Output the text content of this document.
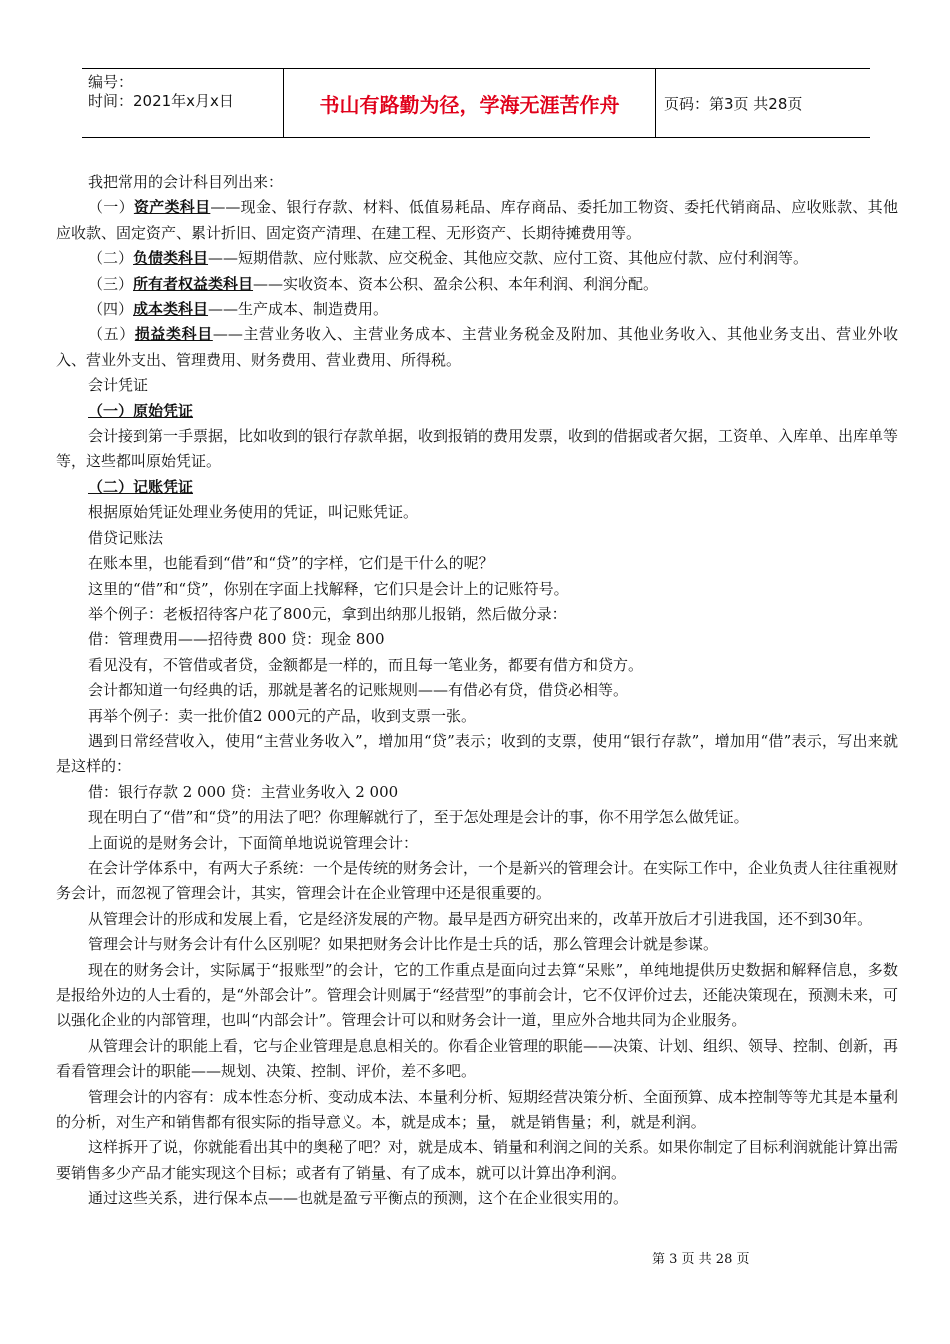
编号：
时间：2021年x月x日	书山有路勤为径，学海无涯苦作舟	页码：第3页 共28页

我把常用的会计科目列出来：

（一）资产类科目——现金、银行存款、材料、低值易耗品、库存商品、委托加工物资、委托代销商品、应收账款、其他应收款、固定资产、累计折旧、固定资产清理、在建工程、无形资产、长期待摊费用等。

（二）负债类科目——短期借款、应付账款、应交税金、其他应交款、应付工资、其他应付款、应付利润等。

（三）所有者权益类科目——实收资本、资本公积、盈余公积、本年利润、利润分配。

（四）成本类科目——生产成本、制造费用。

（五）损益类科目——主营业务收入、主营业务成本、主营业务税金及附加、其他业务收入、其他业务支出、营业外收入、营业外支出、管理费用、财务费用、营业费用、所得税。

会计凭证

（一）原始凭证

会计接到第一手票据，比如收到的银行存款单据，收到报销的费用发票，收到的借据或者欠据，工资单、入库单、出库单等等，这些都叫原始凭证。

（二）记账凭证

根据原始凭证处理业务使用的凭证，叫记账凭证。

借贷记账法

在账本里，也能看到“借”和“贷”的字样，它们是干什么的呢？

这里的“借”和“贷”，你别在字面上找解释，它们只是会计上的记账符号。

举个例子：老板招待客户花了800元，拿到出纳那儿报销，然后做分录：

借：管理费用——招待费 800 贷：现金 800

看见没有，不管借或者贷，金额都是一样的，而且每一笔业务，都要有借方和贷方。

会计都知道一句经典的话，那就是著名的记账规则——有借必有贷，借贷必相等。

再举个例子：卖一批价值2 000元的产品，收到支票一张。

遇到日常经营收入，使用“主营业务收入”，增加用“贷”表示；收到的支票，使用“银行存款”，增加用“借”表示，写出来就是这样的：

借：银行存款 2 000 贷：主营业务收入 2 000

现在明白了“借”和“贷”的用法了吧？你理解就行了，至于怎处理是会计的事，你不用学怎么做凭证。

上面说的是财务会计，下面简单地说说管理会计：

在会计学体系中，有两大子系统：一个是传统的财务会计，一个是新兴的管理会计。在实际工作中，企业负责人往往重视财务会计，而忽视了管理会计，其实，管理会计在企业管理中还是很重要的。

从管理会计的形成和发展上看，它是经济发展的产物。最早是西方研究出来的，改革开放后才引进我国，还不到30年。

管理会计与财务会计有什么区别呢？如果把财务会计比作是士兵的话，那么管理会计就是参谋。

现在的财务会计，实际属于“报账型”的会计，它的工作重点是面向过去算“呆账”，单纯地提供历史数据和解释信息，多数是报给外边的人士看的，是“外部会计”。管理会计则属于“经营型”的事前会计，它不仅评价过去，还能决策现在，预测未来，可以强化企业的内部管理，也叫“内部会计”。管理会计可以和财务会计一道，里应外合地共同为企业服务。

从管理会计的职能上看，它与企业管理是息息相关的。你看企业管理的职能——决策、计划、组织、领导、控制、创新，再看看管理会计的职能——规划、决策、控制、评价，差不多吧。

管理会计的内容有：成本性态分析、变动成本法、本量利分析、短期经营决策分析、全面预算、成本控制等等尤其是本量利的分析，对生产和销售都有很实际的指导意义。本，就是成本；量， 就是销售量；利，就是利润。

这样拆开了说，你就能看出其中的奥秘了吧？对，就是成本、销量和利润之间的关系。如果你制定了目标利润就能计算出需要销售多少产品才能实现这个目标；或者有了销量、有了成本，就可以计算出净利润。

通过这些关系，进行保本点——也就是盈亏平衡点的预测，这个在企业很实用的。

第 3 页 共 28 页
